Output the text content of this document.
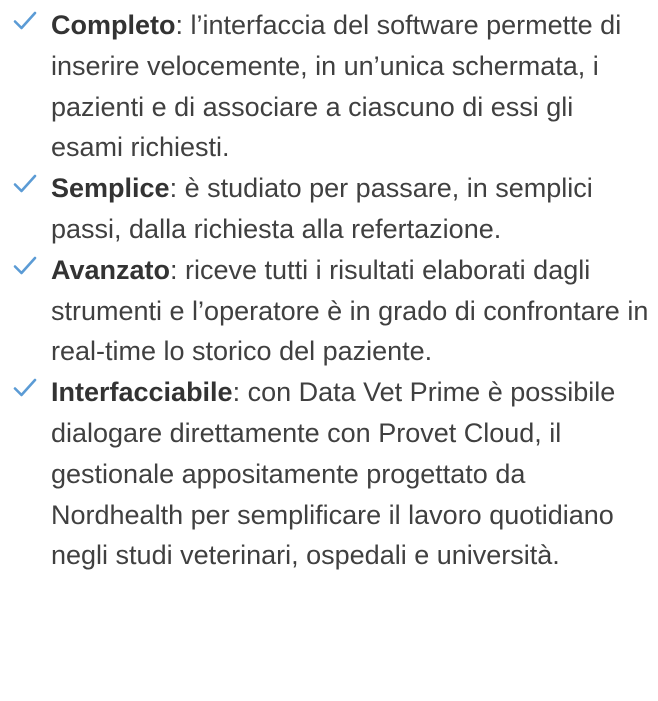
Completo: l’interfaccia del software permette di inserire velocemente, in un’unica schermata, i pazienti e di associare a ciascuno di essi gli esami richiesti.
Semplice: è studiato per passare, in semplici passi, dalla richiesta alla refertazione.
Avanzato: riceve tutti i risultati elaborati dagli strumenti e l’operatore è in grado di confrontare in real-time lo storico del paziente.
Interfacciabile: con Data Vet Prime è possibile dialogare direttamente con Provet Cloud, il gestionale appositamente progettato da Nordhealth per semplificare il lavoro quotidiano negli studi veterinari, ospedali e università.
